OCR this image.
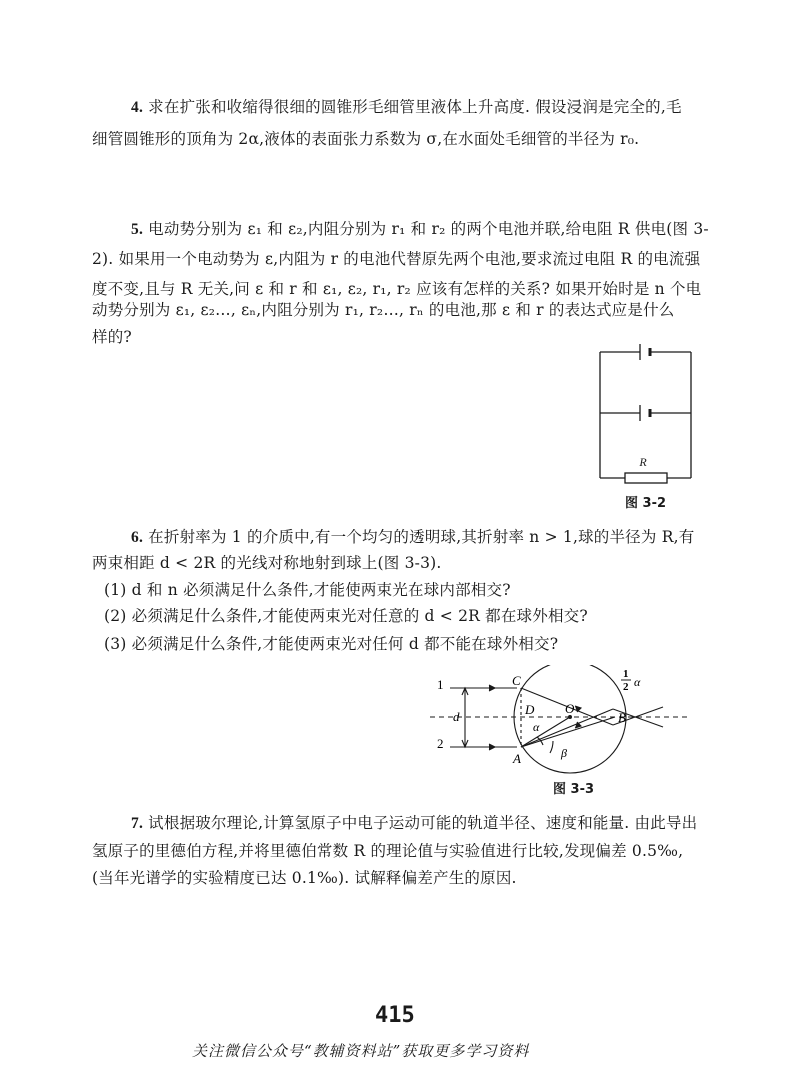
4. 求在扩张和收缩得很细的圆锥形毛细管里液体上升高度. 假设浸润是完全的,毛
细管圆锥形的顶角为 2α,液体的表面张力系数为 σ,在水面处毛细管的半径为 r₀.
5. 电动势分别为 ε₁ 和 ε₂,内阻分别为 r₁ 和 r₂ 的两个电池并联,给电阻 R 供电(图 3-
2). 如果用一个电动势为 ε,内阻为 r 的电池代替原先两个电池,要求流过电阻 R 的电流强
度不变,且与 R 无关,问 ε 和 r 和 ε₁, ε₂, r₁, r₂ 应该有怎样的关系? 如果开始时是 n 个电
动势分别为 ε₁, ε₂…, εₙ,内阻分别为 r₁, r₂…, rₙ 的电池,那 ε 和 r 的表达式应是什么
样的?
R
图 3-2
6. 在折射率为 1 的介质中,有一个均匀的透明球,其折射率 n > 1,球的半径为 R,有
两束相距 d < 2R 的光线对称地射到球上(图 3-3).
(1) d 和 n 必须满足什么条件,才能使两束光在球内部相交?
(2) 必须满足什么条件,才能使两束光对任意的 d < 2R 都在球外相交?
(3) 必须满足什么条件,才能使两束光对任何 d 都不能在球外相交?
1
2
d
C
D O
B
A
α
β
1
2 α
图 3-3
7. 试根据玻尔理论,计算氢原子中电子运动可能的轨道半径、速度和能量. 由此导出
氢原子的里德伯方程,并将里德伯常数 R 的理论值与实验值进行比较,发现偏差 0.5‰,
(当年光谱学的实验精度已达 0.1‰). 试解释偏差产生的原因.
415
关注微信公众号“教辅资料站”获取更多学习资料
